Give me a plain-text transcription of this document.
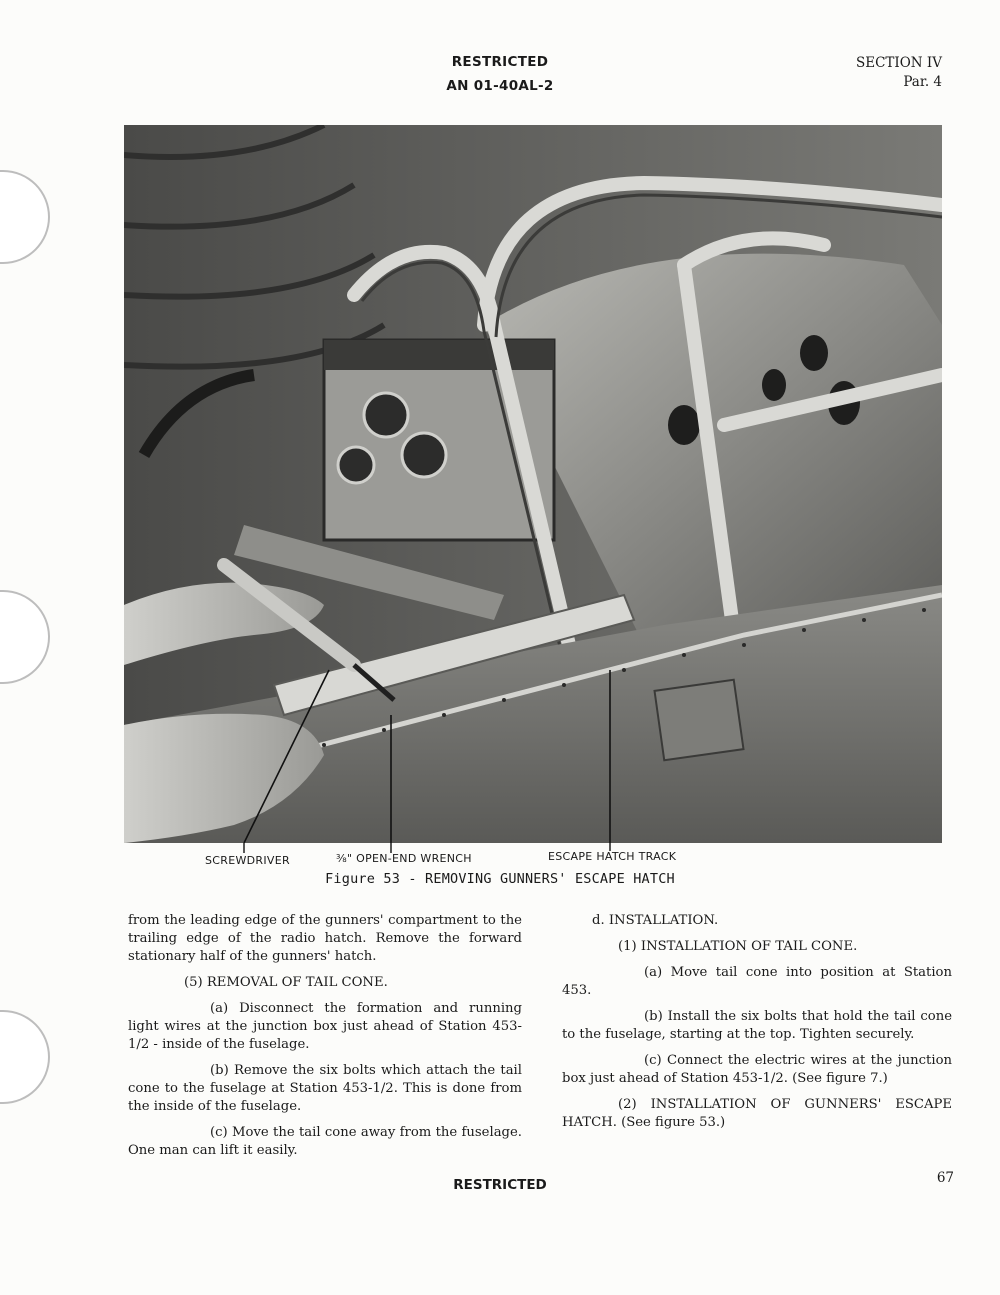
RESTRICTED
AN 01-40AL-2
SECTION IV
Par. 4
SCREWDRIVER	⅜" OPEN-END WRENCH	ESCAPE HATCH TRACK
Figure 53 - REMOVING GUNNERS' ESCAPE HATCH

from the leading edge of the gunners' compartment to the trailing edge of the radio hatch. Remove the forward stationary half of the gunners' hatch.

(5) REMOVAL OF TAIL CONE.

(a) Disconnect the formation and running light wires at the junction box just ahead of Station 453-1/2 - inside of the fuselage.

(b) Remove the six bolts which attach the tail cone to the fuselage at Station 453-1/2. This is done from the inside of the fuselage.

(c) Move the tail cone away from the fuselage. One man can lift it easily.

d. INSTALLATION.

(1) INSTALLATION OF TAIL CONE.

(a) Move tail cone into position at Station 453.

(b) Install the six bolts that hold the tail cone to the fuselage, starting at the top. Tighten securely.

(c) Connect the electric wires at the junction box just ahead of Station 453-1/2. (See figure 7.)

(2) INSTALLATION OF GUNNERS' ESCAPE HATCH. (See figure 53.)

RESTRICTED	67
